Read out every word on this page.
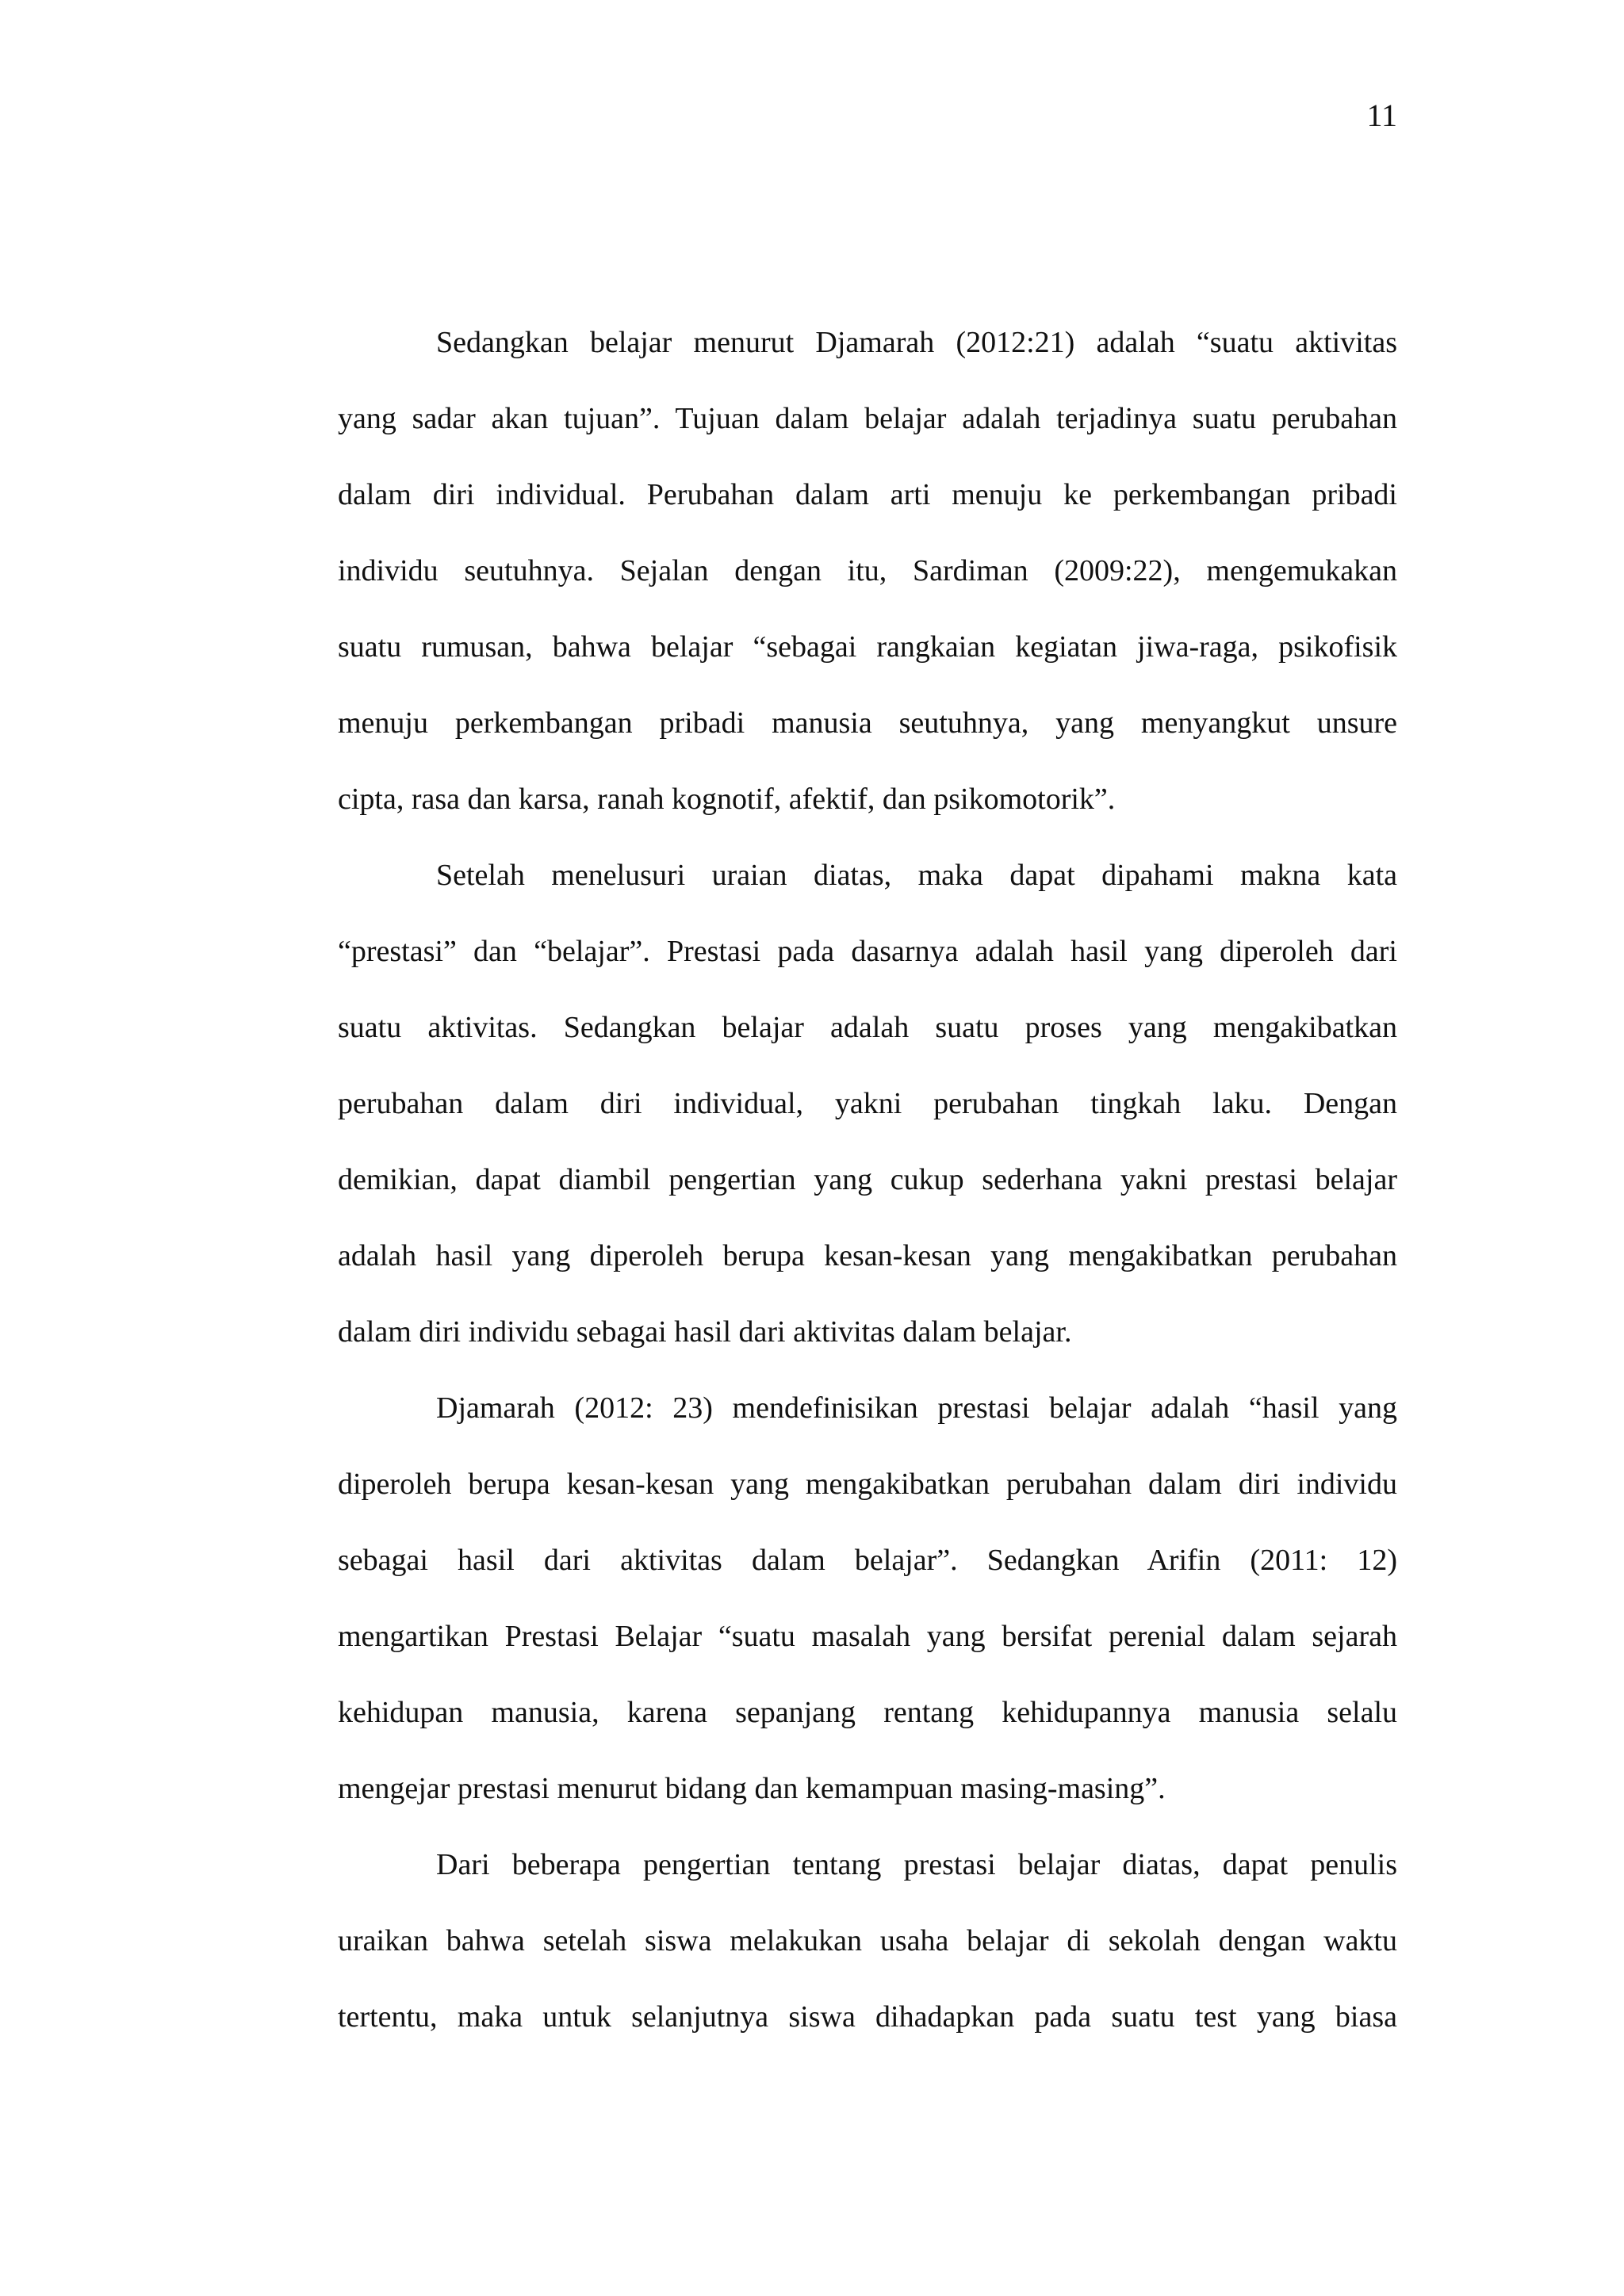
11

Sedangkan belajar menurut Djamarah (2012:21) adalah “suatu aktivitas
yang sadar akan tujuan”. Tujuan dalam belajar adalah terjadinya suatu perubahan
dalam diri individual. Perubahan dalam arti menuju ke perkembangan pribadi
individu seutuhnya. Sejalan dengan itu, Sardiman (2009:22), mengemukakan
suatu rumusan, bahwa belajar “sebagai rangkaian kegiatan jiwa-raga, psikofisik
menuju perkembangan pribadi manusia seutuhnya, yang menyangkut unsure
cipta, rasa dan karsa, ranah kognotif, afektif, dan psikomotorik”.

Setelah menelusuri uraian diatas, maka dapat dipahami makna kata
“prestasi” dan “belajar”. Prestasi pada dasarnya adalah hasil yang diperoleh dari
suatu aktivitas. Sedangkan belajar adalah suatu proses yang mengakibatkan
perubahan dalam diri individual, yakni perubahan tingkah laku. Dengan
demikian, dapat diambil pengertian yang cukup sederhana yakni prestasi belajar
adalah hasil yang diperoleh berupa kesan-kesan yang mengakibatkan perubahan
dalam diri individu sebagai hasil dari aktivitas dalam belajar.

Djamarah (2012: 23) mendefinisikan prestasi belajar adalah “hasil yang
diperoleh berupa kesan-kesan yang mengakibatkan perubahan dalam diri individu
sebagai hasil dari aktivitas dalam belajar”. Sedangkan Arifin (2011: 12)
mengartikan Prestasi Belajar “suatu masalah yang bersifat perenial dalam sejarah
kehidupan manusia, karena sepanjang rentang kehidupannya manusia selalu
mengejar prestasi menurut bidang dan kemampuan masing-masing”.

Dari beberapa pengertian tentang prestasi belajar diatas, dapat penulis
uraikan bahwa setelah siswa melakukan usaha belajar di sekolah dengan waktu
tertentu, maka untuk selanjutnya siswa dihadapkan pada suatu test yang biasa
